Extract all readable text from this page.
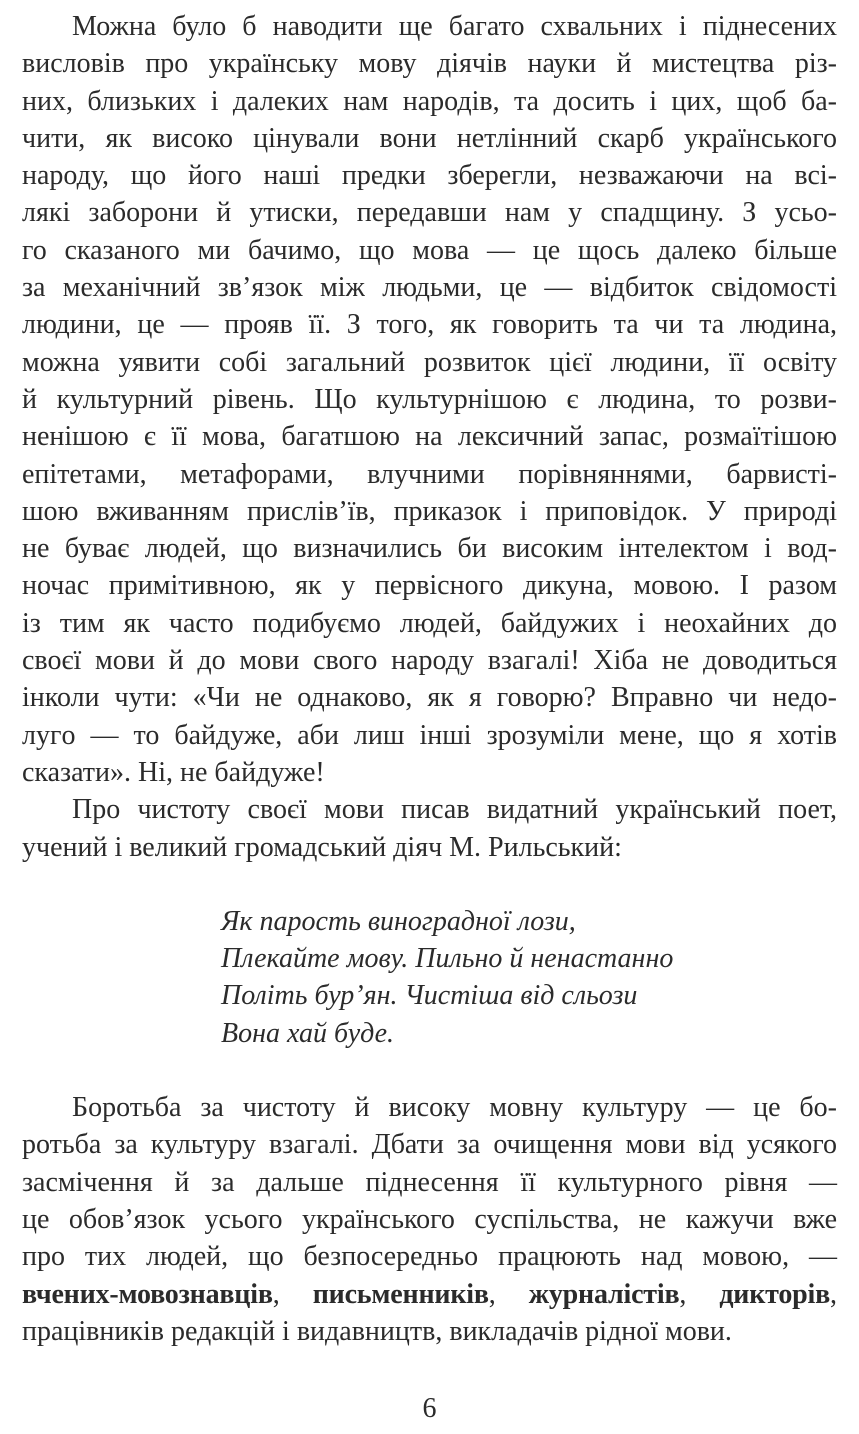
Можна було б наводити ще багато схвальних і піднесених
висловів про українську мову діячів науки й мистецтва різ-
них, близьких і далеких нам народів, та досить і цих, щоб ба-
чити, як високо цінували вони нетлінний скарб українського
народу, що його наші предки зберегли, незважаючи на всі-
лякі заборони й утиски, передавши нам у спадщину. З усьо-
го сказаного ми бачимо, що мова — це щось далеко більше
за механічний зв’язок між людьми, це — відбиток свідомості
людини, це — прояв її. З того, як говорить та чи та людина,
можна уявити собі загальний розвиток цієї людини, її освіту
й культурний рівень. Що культурнішою є людина, то розви-
ненішою є її мова, багатшою на лексичний запас, розмаїтішою
епітетами, метафорами, влучними порівняннями, барвисті-
шою вживанням прислів’їв, приказок і приповідок. У природі
не буває людей, що визначились би високим інтелектом і вод-
ночас примітивною, як у первісного дикуна, мовою. І разом
із тим як часто подибуємо людей, байдужих і неохайних до
своєї мови й до мови свого народу взагалі! Хіба не доводиться
інколи чути: «Чи не однаково, як я говорю? Вправно чи недо-
лугo — то байдуже, аби лиш інші зрозуміли мене, що я хотів
сказати». Ні, не байдуже!
Про чистоту своєї мови писав видатний український поет,
учений і великий громадський діяч М. Рильський:
Як парость виноградної лози,
Плекайте мову. Пильно й ненастанно
Політь бур’ян. Чистіша від сльози
Вона хай буде.
Боротьба за чистоту й високу мовну культуру — це бо-
ротьба за культуру взагалі. Дбати за очищення мови від усякого
засмічення й за дальше піднесення її культурного рівня —
це обов’язок усього українського суспільства, не кажучи вже
про тих людей, що безпосередньо працюють над мовою, —
вчених-мовознавців, письменників, журналістів, дикторів,
працівників редакцій і видавництв, викладачів рідної мови.
6
